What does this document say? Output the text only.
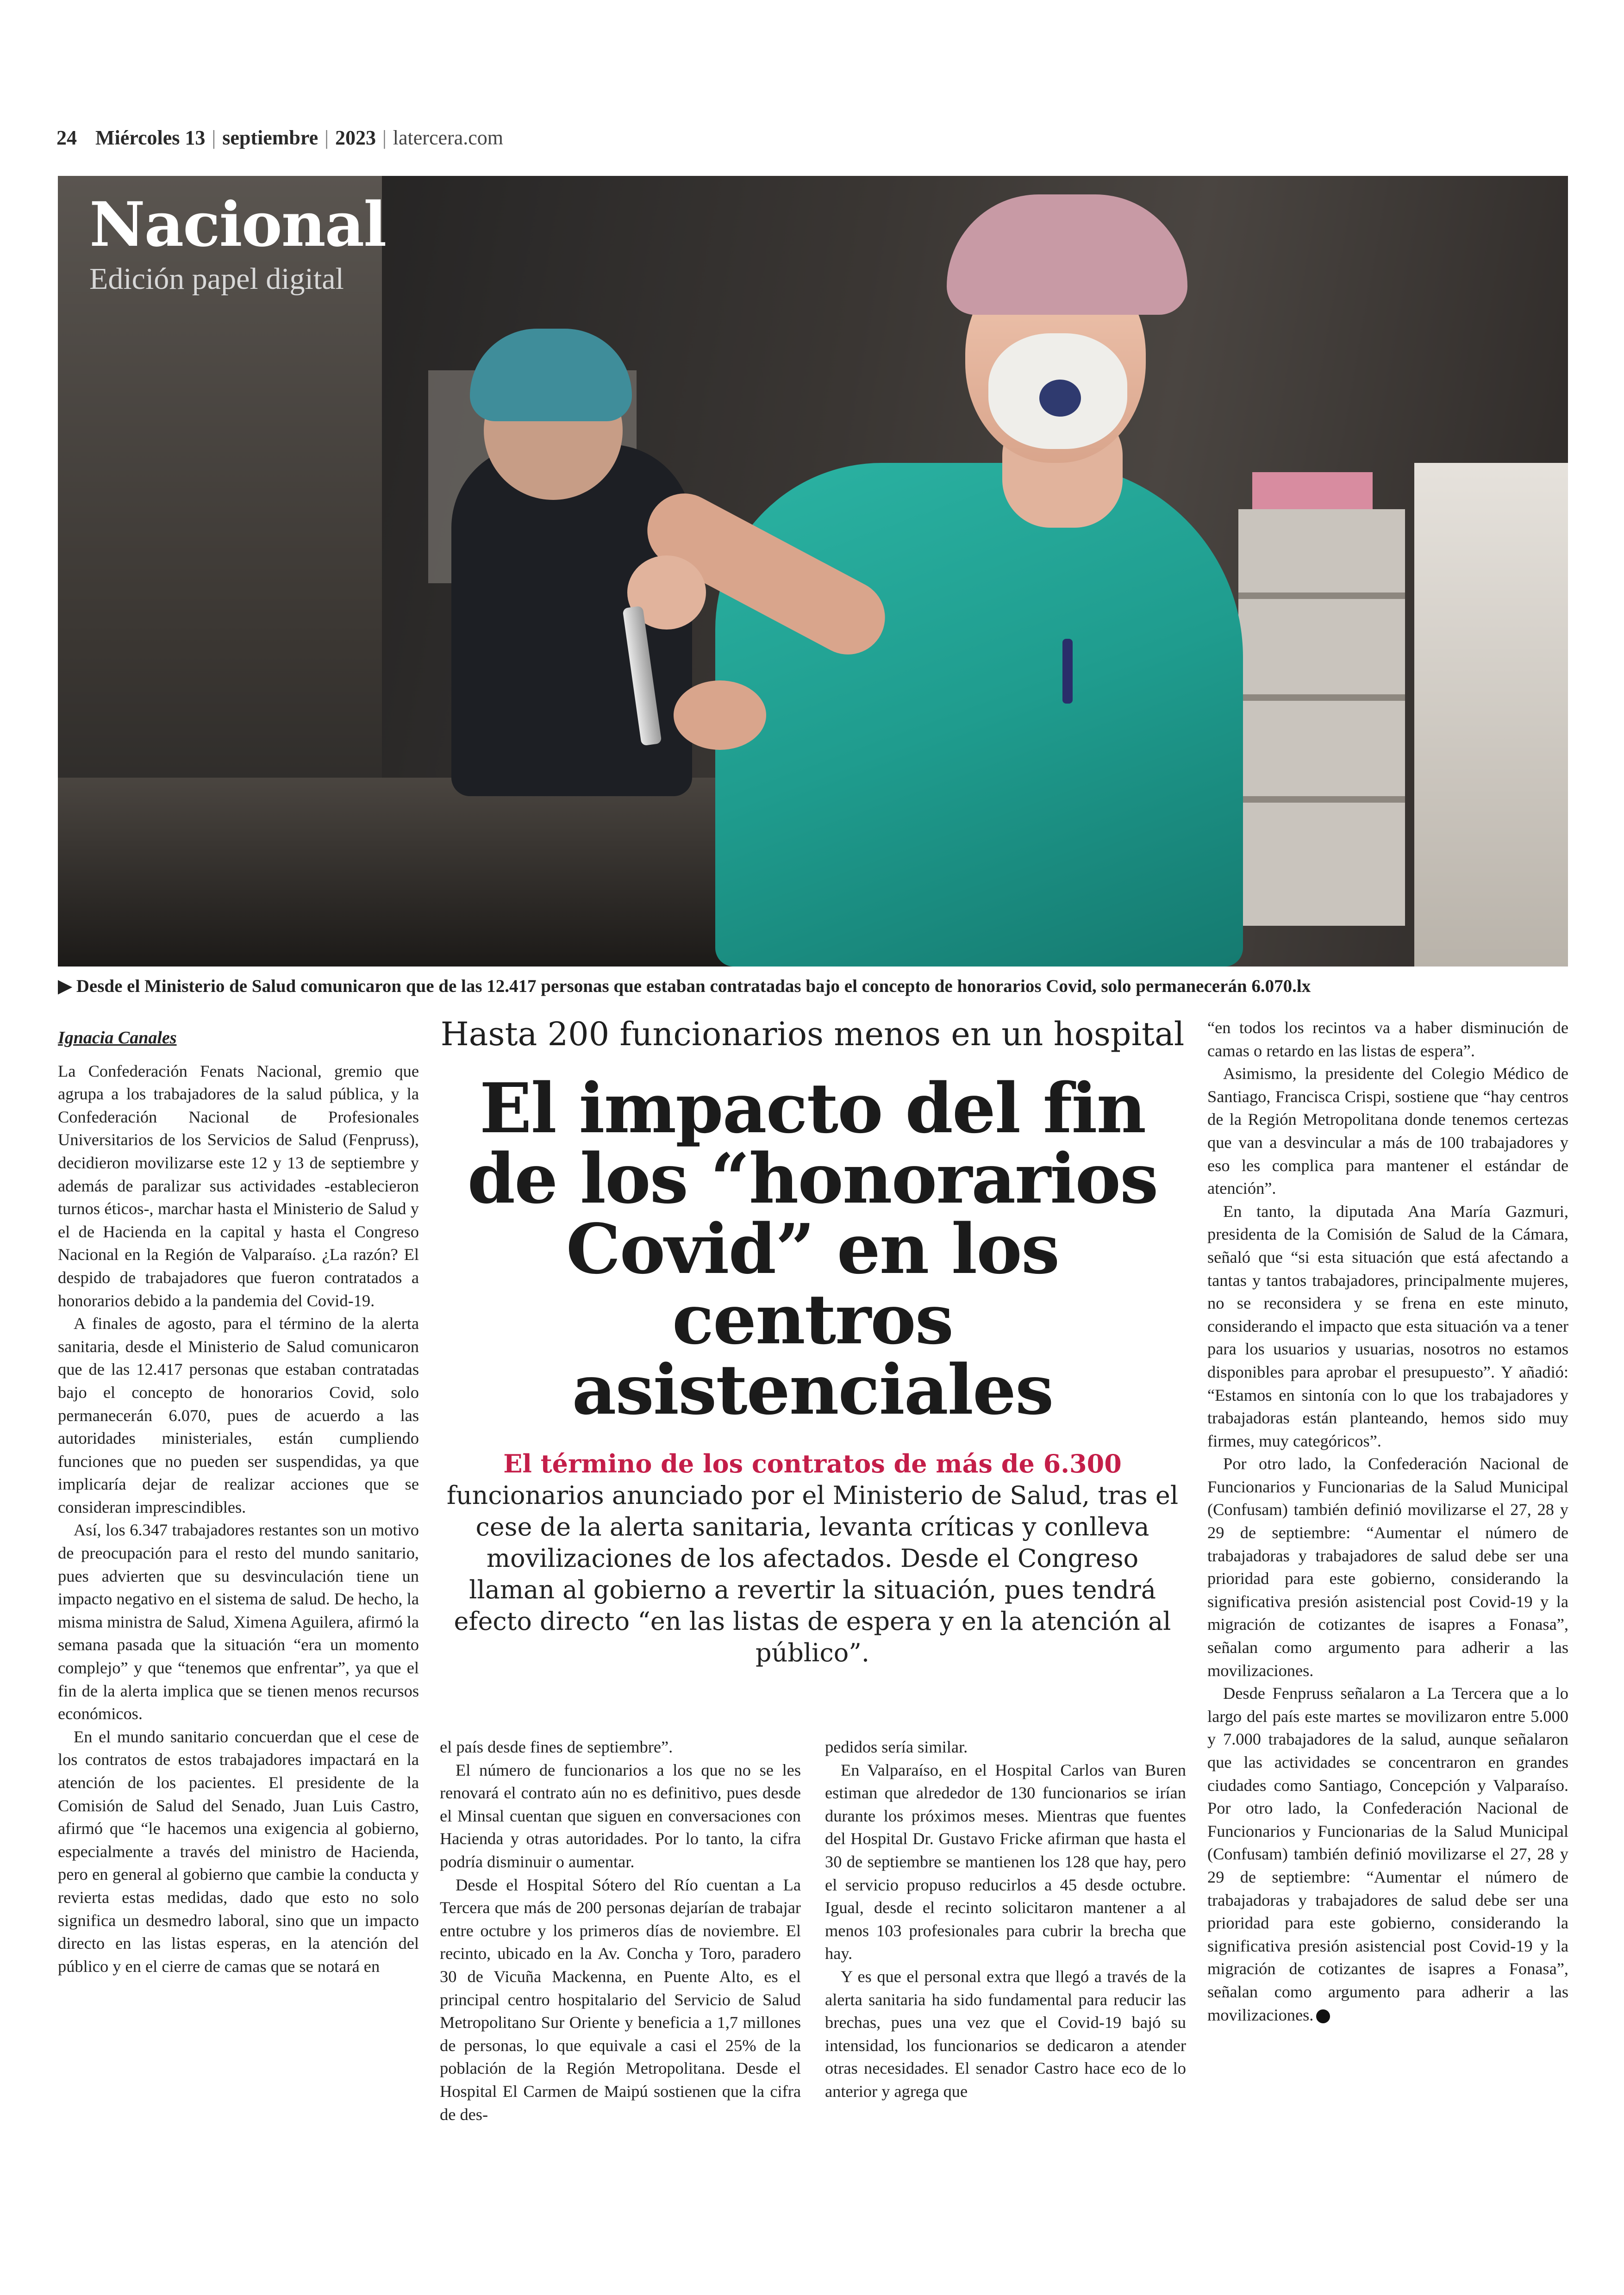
24 Miércoles 13 | septiembre | 2023 | latercera.com
Nacional
Edición papel digital
▶ Desde el Ministerio de Salud comunicaron que de las 12.417 personas que estaban contratadas bajo el concepto de honorarios Covid, solo permanecerán 6.070.lx

Ignacia Canales

La Confederación Fenats Nacional, gremio que agrupa a los trabajadores de la salud pública, y la Confederación Nacional de Profesionales Universitarios de los Servicios de Salud (Fenpruss), decidieron movilizarse este 12 y 13 de septiembre y además de paralizar sus actividades -establecieron turnos éticos-, marchar hasta el Ministerio de Salud y el de Hacienda en la capital y hasta el Congreso Nacional en la Región de Valparaíso. ¿La razón? El despido de trabajadores que fueron contratados a honorarios debido a la pandemia del Covid-19.

A finales de agosto, para el término de la alerta sanitaria, desde el Ministerio de Salud comunicaron que de las 12.417 personas que estaban contratadas bajo el concepto de honorarios Covid, solo permanecerán 6.070, pues de acuerdo a las autoridades ministeriales, están cumpliendo funciones que no pueden ser suspendidas, ya que implicaría dejar de realizar acciones que se consideran imprescindibles.

Así, los 6.347 trabajadores restantes son un motivo de preocupación para el resto del mundo sanitario, pues advierten que su desvinculación tiene un impacto negativo en el sistema de salud. De hecho, la misma ministra de Salud, Ximena Aguilera, afirmó la semana pasada que la situación “era un momento complejo” y que “tenemos que enfrentar”, ya que el fin de la alerta implica que se tienen menos recursos económicos.

En el mundo sanitario concuerdan que el cese de los contratos de estos trabajadores impactará en la atención de los pacientes. El presidente de la Comisión de Salud del Senado, Juan Luis Castro, afirmó que “le hacemos una exigencia al gobierno, especialmente a través del ministro de Hacienda, pero en general al gobierno que cambie la conducta y revierta estas medidas, dado que esto no solo significa un desmedro laboral, sino que un impacto directo en las listas esperas, en la atención del público y en el cierre de camas que se notará en

Hasta 200 funcionarios menos en un hospital
El impacto del fin de los “honorarios Covid” en los centros asistenciales
El término de los contratos de más de 6.300 funcionarios anunciado por el Ministerio de Salud, tras el cese de la alerta sanitaria, levanta críticas y conlleva movilizaciones de los afectados. Desde el Congreso llaman al gobierno a revertir la situación, pues tendrá efecto directo “en las listas de espera y en la atención al público”.

el país desde fines de septiembre”.

El número de funcionarios a los que no se les renovará el contrato aún no es definitivo, pues desde el Minsal cuentan que siguen en conversaciones con Hacienda y otras autoridades. Por lo tanto, la cifra podría disminuir o aumentar.

Desde el Hospital Sótero del Río cuentan a La Tercera que más de 200 personas dejarían de trabajar entre octubre y los primeros días de noviembre. El recinto, ubicado en la Av. Concha y Toro, paradero 30 de Vicuña Mackenna, en Puente Alto, es el principal centro hospitalario del Servicio de Salud Metropolitano Sur Oriente y beneficia a 1,7 millones de personas, lo que equivale a casi el 25% de la población de la Región Metropolitana. Desde el Hospital El Carmen de Maipú sostienen que la cifra de des-

pedidos sería similar.

En Valparaíso, en el Hospital Carlos van Buren estiman que alrededor de 130 funcionarios se irían durante los próximos meses. Mientras que fuentes del Hospital Dr. Gustavo Fricke afirman que hasta el 30 de septiembre se mantienen los 128 que hay, pero el servicio propuso reducirlos a 45 desde octubre. Igual, desde el recinto solicitaron mantener a al menos 103 profesionales para cubrir la brecha que hay.

Y es que el personal extra que llegó a través de la alerta sanitaria ha sido fundamental para reducir las brechas, pues una vez que el Covid-19 bajó su intensidad, los funcionarios se dedicaron a atender otras necesidades. El senador Castro hace eco de lo anterior y agrega que

“en todos los recintos va a haber disminución de camas o retardo en las listas de espera”.

Asimismo, la presidente del Colegio Médico de Santiago, Francisca Crispi, sostiene que “hay centros de la Región Metropolitana donde tenemos certezas que van a desvincular a más de 100 trabajadores y eso les complica para mantener el estándar de atención”.

En tanto, la diputada Ana María Gazmuri, presidenta de la Comisión de Salud de la Cámara, señaló que “si esta situación que está afectando a tantas y tantos trabajadores, principalmente mujeres, no se reconsidera y se frena en este minuto, considerando el impacto que esta situación va a tener para los usuarios y usuarias, nosotros no estamos disponibles para aprobar el presupuesto”. Y añadió: “Estamos en sintonía con lo que los trabajadores y trabajadoras están planteando, hemos sido muy firmes, muy categóricos”.

Por otro lado, la Confederación Nacional de Funcionarios y Funcionarias de la Salud Municipal (Confusam) también definió movilizarse el 27, 28 y 29 de septiembre: “Aumentar el número de trabajadoras y trabajadores de salud debe ser una prioridad para este gobierno, considerando la significativa presión asistencial post Covid-19 y la migración de cotizantes de isapres a Fonasa”, señalan como argumento para adherir a las movilizaciones.

Desde Fenpruss señalaron a La Tercera que a lo largo del país este martes se movilizaron entre 5.000 y 7.000 trabajadores de la salud, aunque señalaron que las actividades se concentraron en grandes ciudades como Santiago, Concepción y Valparaíso. Por otro lado, la Confederación Nacional de Funcionarios y Funcionarias de la Salud Municipal (Confusam) también definió movilizarse el 27, 28 y 29 de septiembre: “Aumentar el número de trabajadoras y trabajadores de salud debe ser una prioridad para este gobierno, considerando la significativa presión asistencial post Covid-19 y la migración de cotizantes de isapres a Fonasa”, señalan como argumento para adherir a las movilizaciones.
